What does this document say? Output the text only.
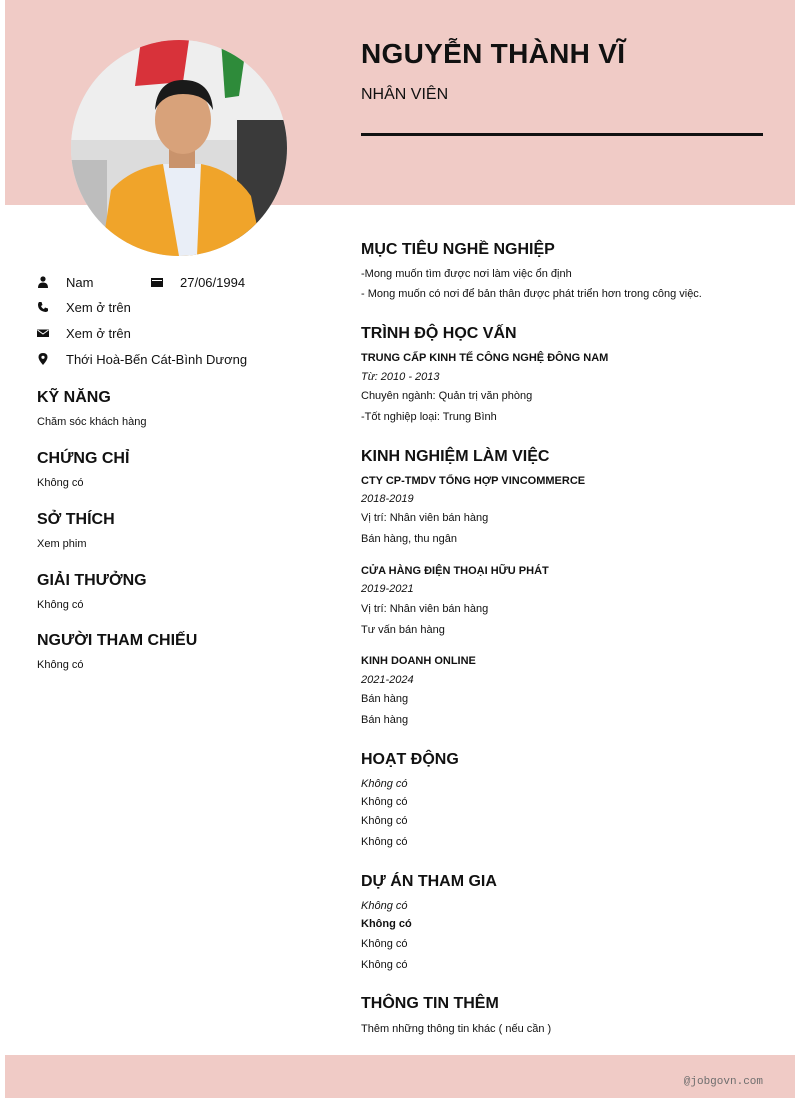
NGUYỄN THÀNH VĨ
NHÂN VIÊN
Nam	27/06/1994
Xem ở trên
Xem ở trên
Thới Hoà-Bến Cát-Bình Dương
KỸ NĂNG
Chăm sóc khách hàng
CHỨNG CHỈ
Không có
SỞ THÍCH
Xem phim
GIẢI THƯỞNG
Không có
NGƯỜI THAM CHIẾU
Không có
MỤC TIÊU NGHỀ NGHIỆP
-Mong muốn tìm được nơi làm việc ổn định
- Mong muốn có nơi để bản thân được phát triển hơn trong công việc.
TRÌNH ĐỘ HỌC VẤN
TRUNG CẤP KINH TẾ CÔNG NGHỆ ĐÔNG NAM
Từ: 2010 - 2013
Chuyên ngành: Quản trị văn phòng
-Tốt nghiệp loại: Trung Bình
KINH NGHIỆM LÀM VIỆC
CTY CP-TMDV TỔNG HỢP VINCOMMERCE
2018-2019
Vị trí: Nhân viên bán hàng
Bán hàng, thu ngân
CỬA HÀNG ĐIỆN THOẠI HỮU PHÁT
2019-2021
Vị trí: Nhân viên bán hàng
Tư vấn bán hàng
KINH DOANH ONLINE
2021-2024
Bán hàng
Bán hàng
HOẠT ĐỘNG
Không có
Không có
Không có
Không có
DỰ ÁN THAM GIA
Không có
Không có
Không có
Không có
THÔNG TIN THÊM
Thêm những thông tin khác ( nếu cần )
@jobgovn.com
